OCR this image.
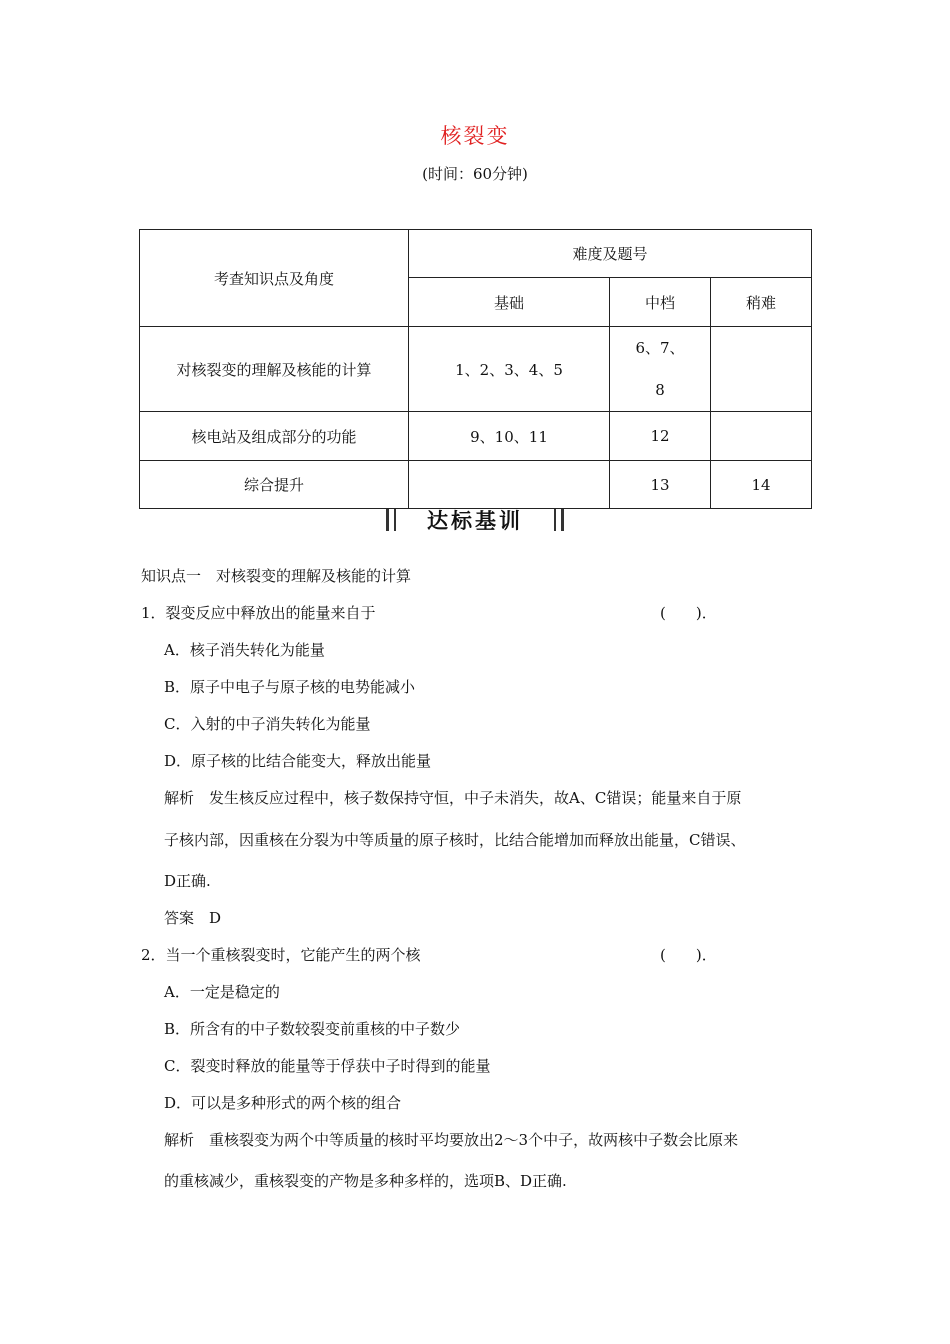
核裂变
(时间：60分钟)
考查知识点及角度	难度及题号		
	基础	中档	稍难
对核裂变的理解及核能的计算	1、2、3、4、5	6、7、
8	

核电站及组成部分的功能	9、10、11	12	
综合提升		13	14
达标基训
知识点一　对核裂变的理解及核能的计算
1．裂变反应中释放出的能量来自于	(　　)．
A．核子消失转化为能量
B．原子中电子与原子核的电势能减小
C．入射的中子消失转化为能量
D．原子核的比结合能变大，释放出能量
解析　发生核反应过程中，核子数保持守恒，中子未消失，故A、C错误；能量来自于原
子核内部，因重核在分裂为中等质量的原子核时，比结合能增加而释放出能量，C错误、
D正确.
答案　D
2．当一个重核裂变时，它能产生的两个核	(　　)．
A．一定是稳定的
B．所含有的中子数较裂变前重核的中子数少
C．裂变时释放的能量等于俘获中子时得到的能量
D．可以是多种形式的两个核的组合
解析　重核裂变为两个中等质量的核时平均要放出2～3个中子，故两核中子数会比原来
的重核减少，重核裂变的产物是多种多样的，选项B、D正确.
